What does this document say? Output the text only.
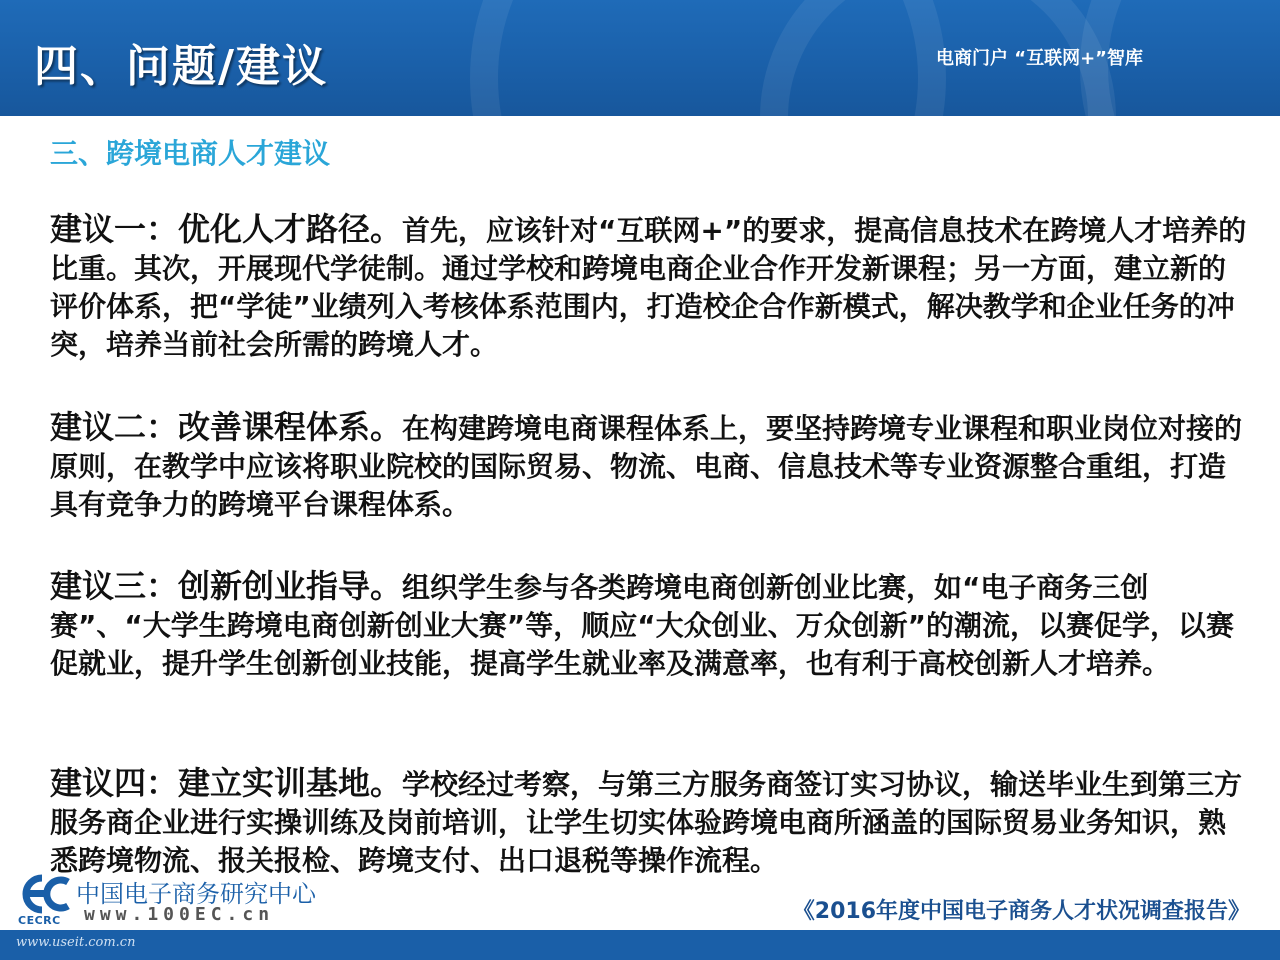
四、问题/建议	电商门户 “互联网+”智库
三、跨境电商人才建议
建议一：优化人才路径。首先，应该针对“互联网+”的要求，提高信息技术在跨境人才培养的比重。其次，开展现代学徒制。通过学校和跨境电商企业合作开发新课程；另一方面，建立新的评价体系，把“学徒”业绩列入考核体系范围内，打造校企合作新模式，解决教学和企业任务的冲突，培养当前社会所需的跨境人才。
建议二：改善课程体系。在构建跨境电商课程体系上，要坚持跨境专业课程和职业岗位对接的原则，在教学中应该将职业院校的国际贸易、物流、电商、信息技术等专业资源整合重组，打造具有竞争力的跨境平台课程体系。
建议三：创新创业指导。组织学生参与各类跨境电商创新创业比赛，如“电子商务三创赛”、“大学生跨境电商创新创业大赛”等，顺应“大众创业、万众创新”的潮流，以赛促学，以赛促就业，提升学生创新创业技能，提高学生就业率及满意率，也有利于高校创新人才培养。
建议四：建立实训基地。学校经过考察，与第三方服务商签订实习协议，输送毕业生到第三方服务商企业进行实操训练及岗前培训，让学生切实体验跨境电商所涵盖的国际贸易业务知识，熟悉跨境物流、报关报检、跨境支付、出口退税等操作流程。
CECRC
中国电子商务研究中心
www.100EC.cn	《2016年度中国电子商务人才状况调查报告》
www.useit.com.cn
